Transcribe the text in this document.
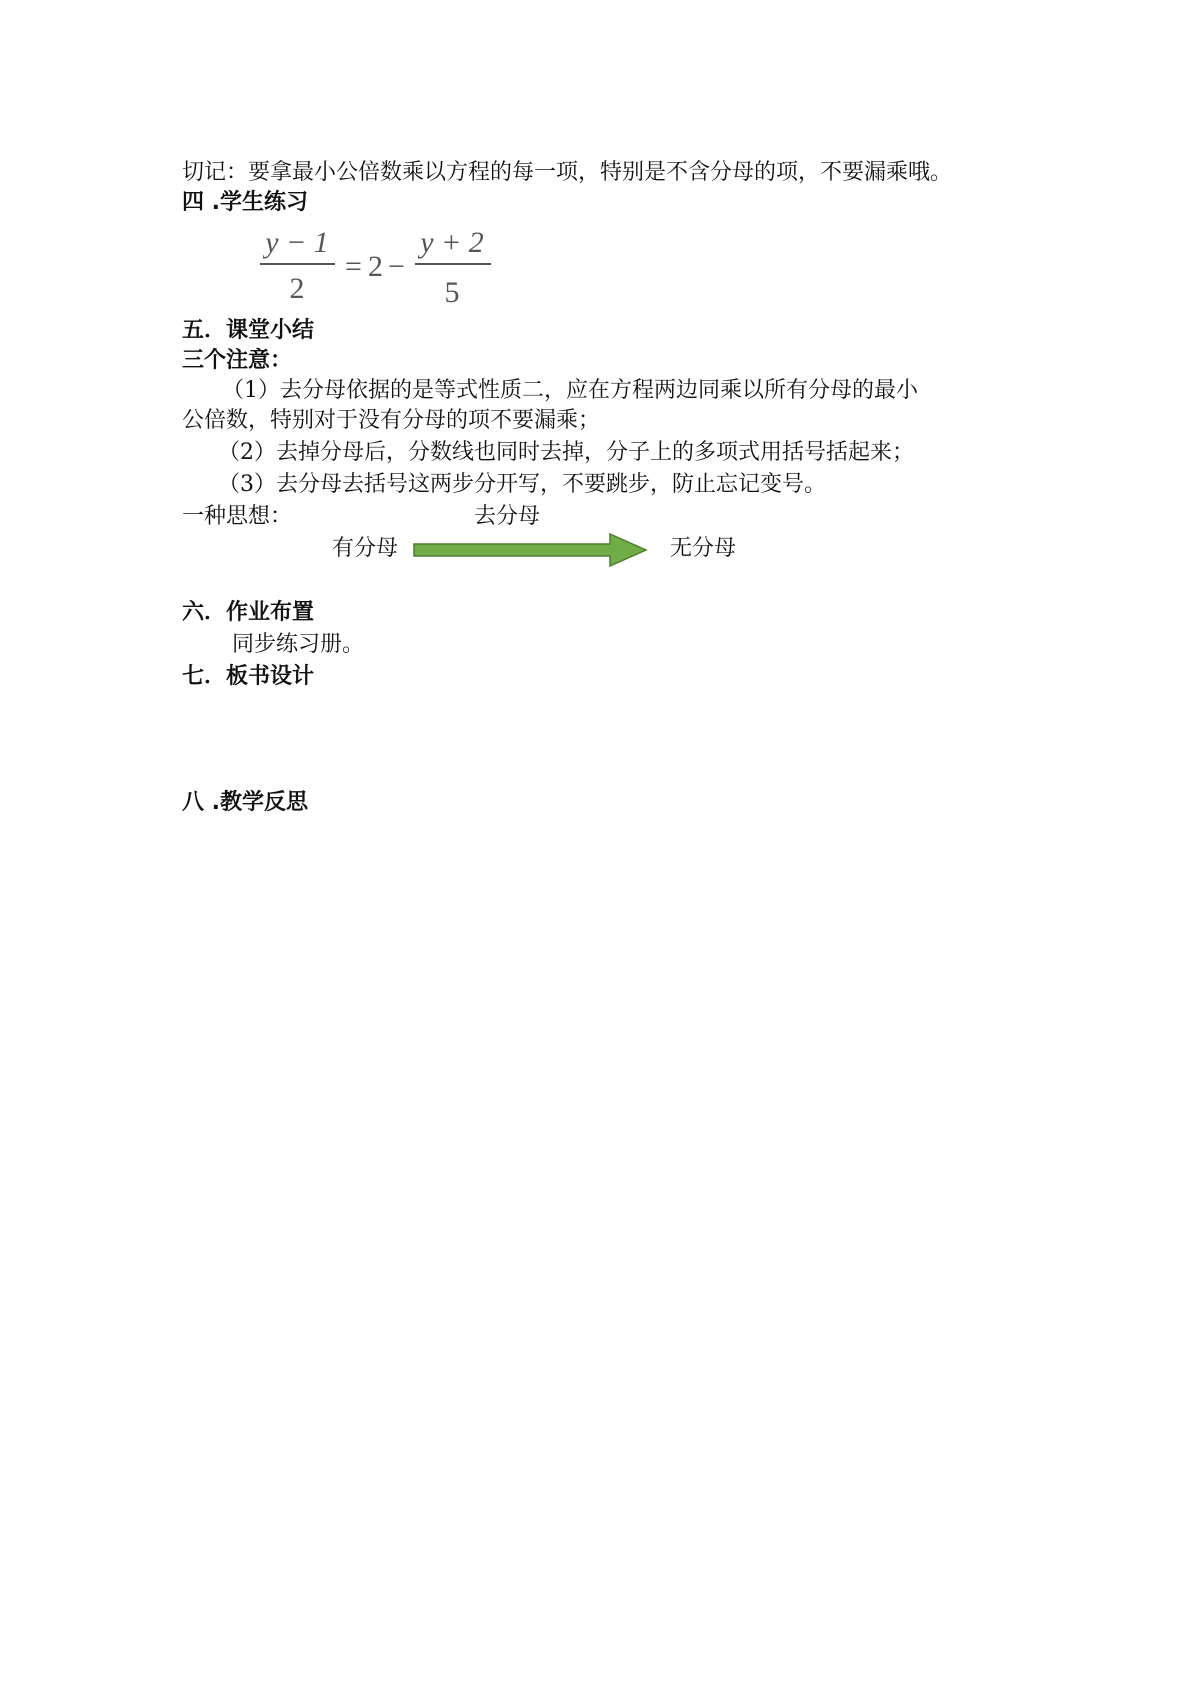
切记：要拿最小公倍数乘以方程的每一项，特别是不含分母的项，不要漏乘哦。
四 .学生练习
y − 1
2
= 2 −
y + 2
5
五．课堂小结
三个注意：
（1）去分母依据的是等式性质二，应在方程两边同乘以所有分母的最小
公倍数，特别对于没有分母的项不要漏乘；
（2）去掉分母后，分数线也同时去掉，分子上的多项式用括号括起来；
（3）去分母去括号这两步分开写，不要跳步，防止忘记变号。
一种思想：	去分母
有分母	无分母
六．作业布置
同步练习册。
七．板书设计
八 .教学反思
